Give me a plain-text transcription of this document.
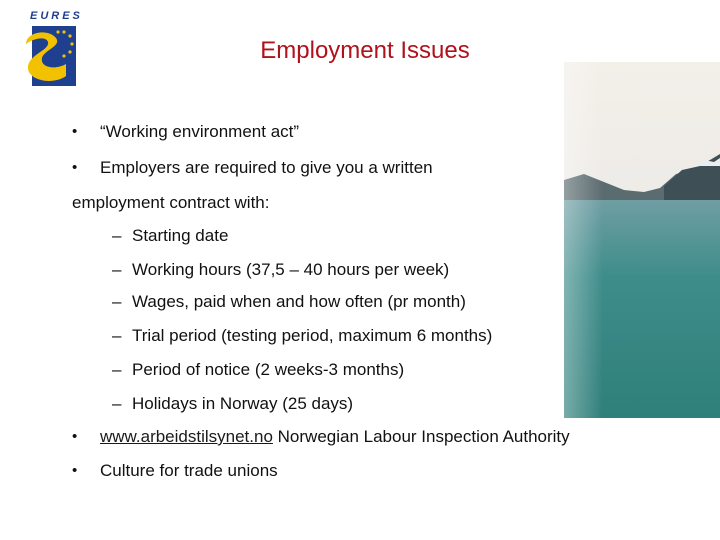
EURES
Employment Issues
• “Working environment act”
• Employers are required to give you a written
employment contract with:
– Starting date
– Working hours (37,5 – 40 hours per week)
– Wages, paid when and how often (pr month)
– Trial period (testing period, maximum 6 months)
– Period of notice (2 weeks-3 months)
– Holidays in Norway (25 days)
• www.arbeidstilsynet.no Norwegian Labour Inspection Authority
• Culture for trade unions
